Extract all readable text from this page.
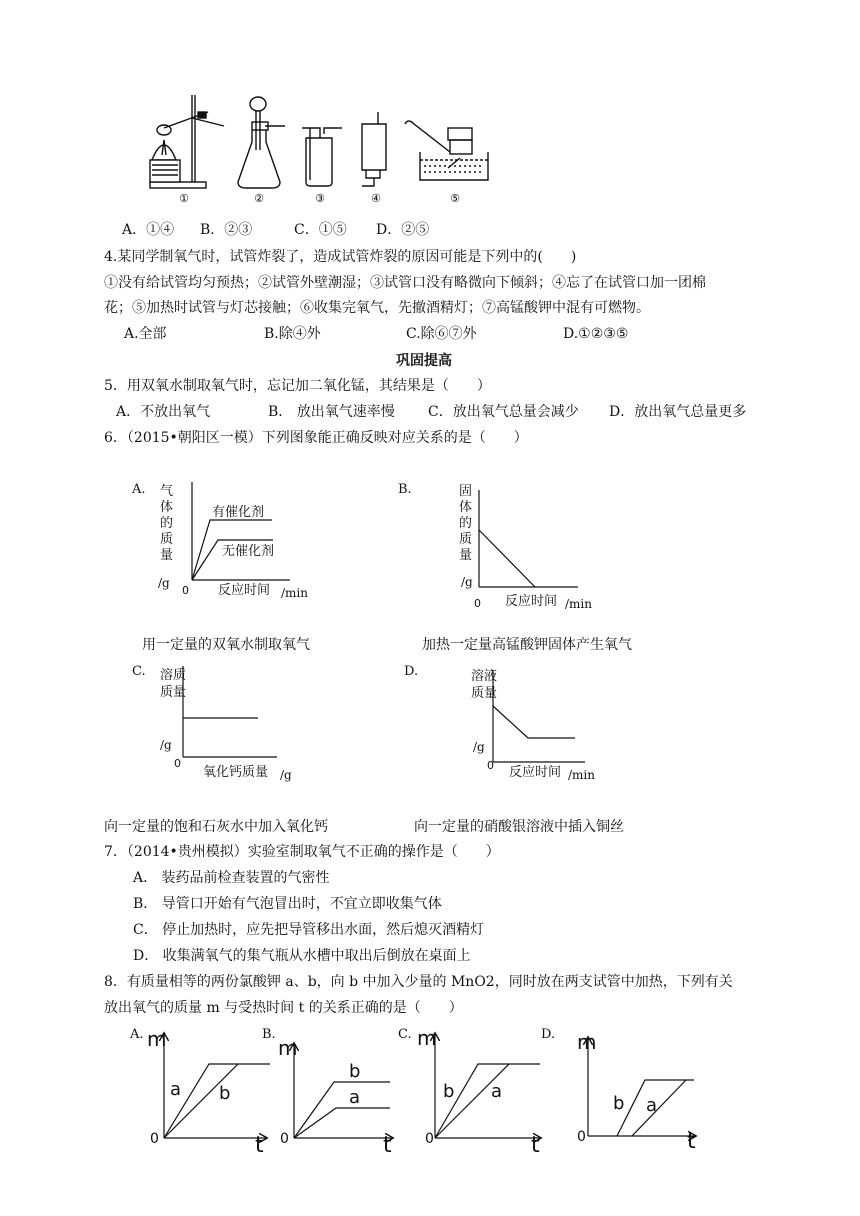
①	②	③	④	⑤
A．①④ B．②③	C．①⑤ D．②⑤
4.某同学制氧气时，试管炸裂了，造成试管炸裂的原因可能是下列中的(　　)
①没有给试管均匀预热；②试管外壁潮湿；③试管口没有略微向下倾斜；④忘了在试管口加一团棉
花；⑤加热时试管与灯芯接触；⑥收集完氧气，先撤酒精灯；⑦高锰酸钾中混有可燃物。
A.全部	B.除④外	C.除⑥⑦外	D.①②③⑤
巩固提高
5．用双氧水制取氧气时，忘记加二氧化锰，其结果是（　　）
A．不放出氧气	B． 放出氧气速率慢 C．放出氧气总量会减少 D．放出氧气总量更多
6．（2015•朝阳区一模）下列图象能正确反映对应关系的是（　　）
A. 气
体
的
质
量
/g
0 反应时间 /min
有催化剂
无催化剂
B.	固
体
的
质
量
/g
0 反应时间 /min
用一定量的双氧水制取氧气	加热一定量高锰酸钾固体产生氧气
C. 溶质
质量

/g
0
氧化钙质量 /g
D.	溶液
质量
/g
0 反应时间 /min
向一定量的饱和石灰水中加入氧化钙	向一定量的硝酸银溶液中插入铜丝
7．（2014•贵州模拟）实验室制取氧气不正确的操作是（　　）
A． 装药品前检查装置的气密性
B． 导管口开始有气泡冒出时，不宜立即收集气体
C． 停止加热时，应先把导管移出水面，然后熄灭酒精灯
D． 收集满氧气的集气瓶从水槽中取出后倒放在桌面上
8．有质量相等的两份氯酸钾 a、b，向 b 中加入少量的 MnO2，同时放在两支试管中加热，下列有关
放出氧气的质量 m 与受热时间 t 的关系正确的是（　　）
A.	B.	C.	D.
m
0	t
a b
m
0	t
b
a
m
0	t
b a
m
0	t
b a
